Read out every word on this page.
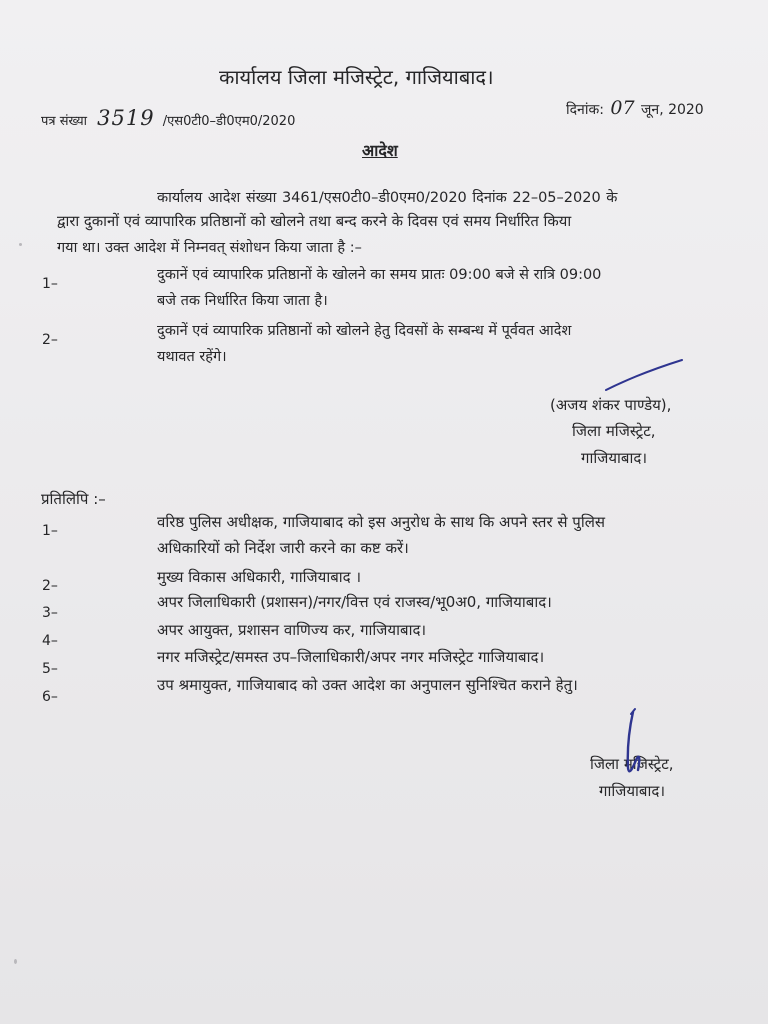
कार्यालय जिला मजिस्ट्रेट, गाजियाबाद।
पत्र संख्या 3519 /एस0टी0–डी0एम0/2020
दिनांक: 07 जून, 2020
आदेश
कार्यालय आदेश संख्या 3461/एस0टी0–डी0एम0/2020 दिनांक 22–05–2020 के
द्वारा दुकानों एवं व्यापारिक प्रतिष्ठानों को खोलने तथा बन्द करने के दिवस एवं समय निर्धारित किया
गया था। उक्त आदेश में निम्नवत् संशोधन किया जाता है :–
1–
दुकानें एवं व्यापारिक प्रतिष्ठानों के खोलने का समय प्रातः 09:00 बजे से रात्रि 09:00
बजे तक निर्धारित किया जाता है।
2–
दुकानें एवं व्यापारिक प्रतिष्ठानों को खोलने हेतु दिवसों के सम्बन्ध में पूर्ववत आदेश
यथावत रहेंगे।
(अजय शंकर पाण्डेय),
जिला मजिस्ट्रेट,
गाजियाबाद।
प्रतिलिपि :–
1–	वरिष्ठ पुलिस अधीक्षक, गाजियाबाद को इस अनुरोध के साथ कि अपने स्तर से पुलिस
अधिकारियों को निर्देश जारी करने का कष्ट करें।
2–	मुख्य विकास अधिकारी, गाजियाबाद ।
3–
अपर जिलाधिकारी (प्रशासन)/नगर/वित्त एवं राजस्व/भू0अ0, गाजियाबाद।
4–
अपर आयुक्त, प्रशासन वाणिज्य कर, गाजियाबाद।
5–
नगर मजिस्ट्रेट/समस्त उप–जिलाधिकारी/अपर नगर मजिस्ट्रेट गाजियाबाद।
6–
उप श्रमायुक्त, गाजियाबाद को उक्त आदेश का अनुपालन सुनिश्चित कराने हेतु।
जिला मजिस्ट्रेट,
गाजियाबाद।
